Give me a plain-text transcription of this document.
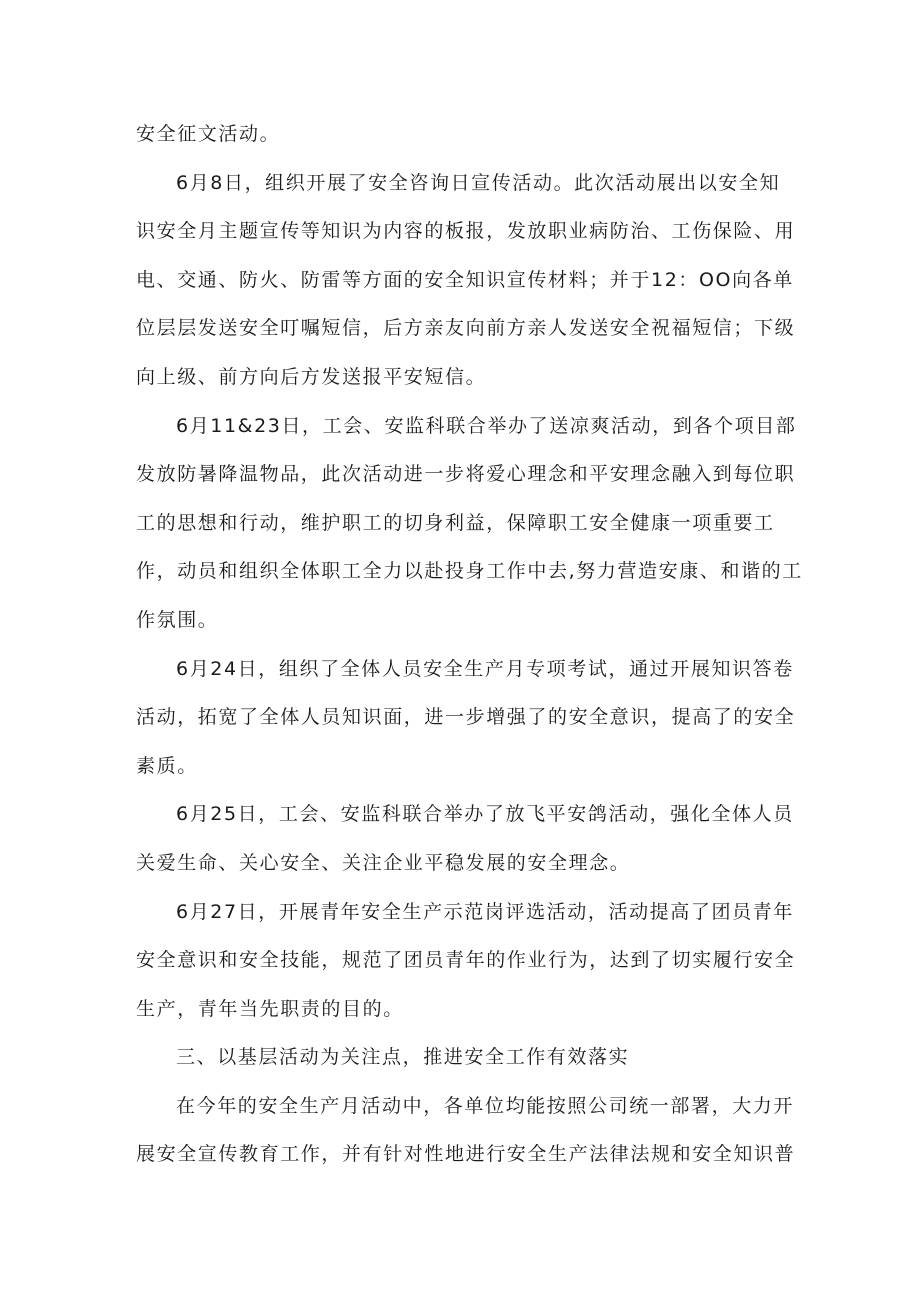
安全征文活动。
6月8日，组织开展了安全咨询日宣传活动。此次活动展出以安全知
识安全月主题宣传等知识为内容的板报，发放职业病防治、工伤保险、用
电、交通、防火、防雷等方面的安全知识宣传材料；并于12：OO向各单
位层层发送安全叮嘱短信，后方亲友向前方亲人发送安全祝福短信；下级
向上级、前方向后方发送报平安短信。
6月11&23日，工会、安监科联合举办了送凉爽活动，到各个项目部
发放防暑降温物品，此次活动进一步将爱心理念和平安理念融入到每位职
工的思想和行动，维护职工的切身利益，保障职工安全健康一项重要工
作，动员和组织全体职工全力以赴投身工作中去,努力营造安康、和谐的工
作氛围。
6月24日，组织了全体人员安全生产月专项考试，通过开展知识答卷
活动，拓宽了全体人员知识面，进一步增强了的安全意识，提高了的安全
素质。
6月25日，工会、安监科联合举办了放飞平安鸽活动，强化全体人员
关爱生命、关心安全、关注企业平稳发展的安全理念。
6月27日，开展青年安全生产示范岗评选活动，活动提高了团员青年
安全意识和安全技能，规范了团员青年的作业行为，达到了切实履行安全
生产，青年当先职责的目的。
三、以基层活动为关注点，推进安全工作有效落实
在今年的安全生产月活动中，各单位均能按照公司统一部署，大力开
展安全宣传教育工作，并有针对性地进行安全生产法律法规和安全知识普
